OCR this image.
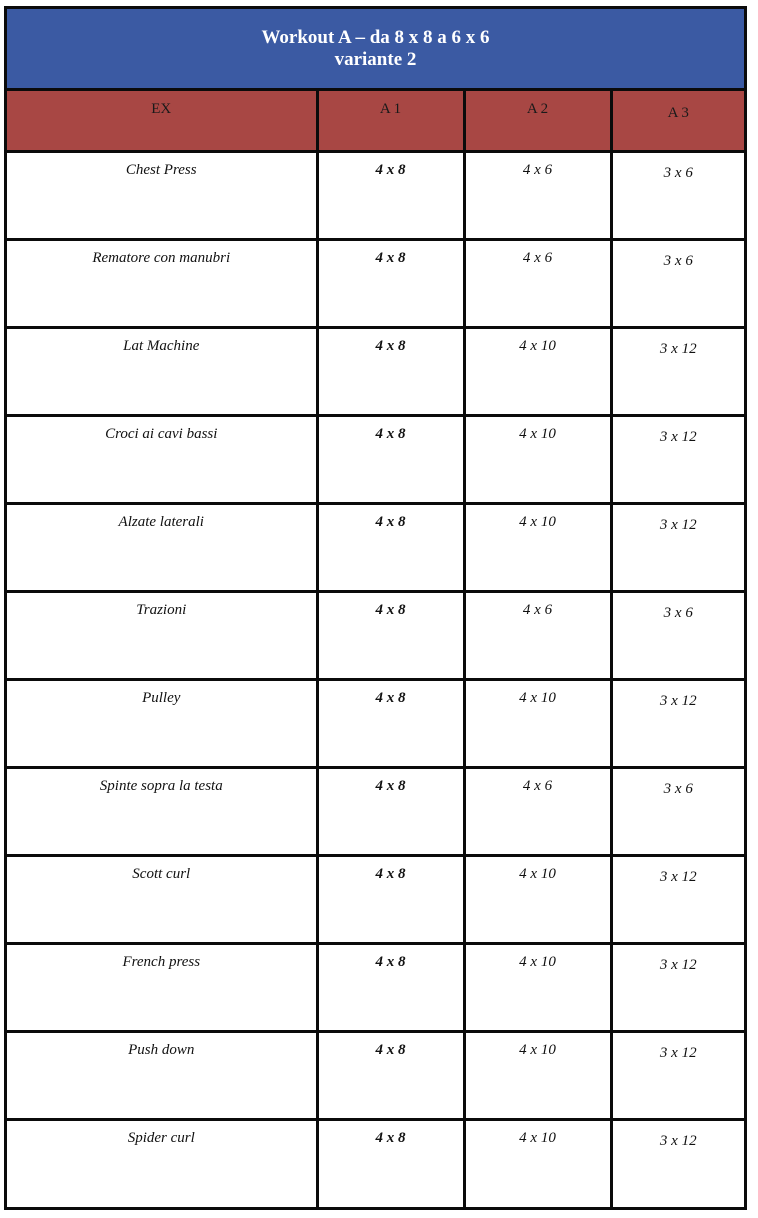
Workout A – da 8 x 8 a 6 x 6
variante 2
EX	A 1	A 2	A 3

Chest Press	4 x 8	4 x 6	3 x 6

Rematore con manubri	4 x 8	4 x 6	3 x 6

Lat Machine	4 x 8	4 x 10	3 x 12

Croci ai cavi bassi	4 x 8	4 x 10	3 x 12

Alzate laterali	4 x 8	4 x 10	3 x 12

Trazioni	4 x 8	4 x 6	3 x 6

Pulley	4 x 8	4 x 10	3 x 12

Spinte sopra la testa	4 x 8	4 x 6	3 x 6

Scott curl	4 x 8	4 x 10	3 x 12

French press	4 x 8	4 x 10	3 x 12

Push down	4 x 8	4 x 10	3 x 12

Spider curl	4 x 8	4 x 10	3 x 12
